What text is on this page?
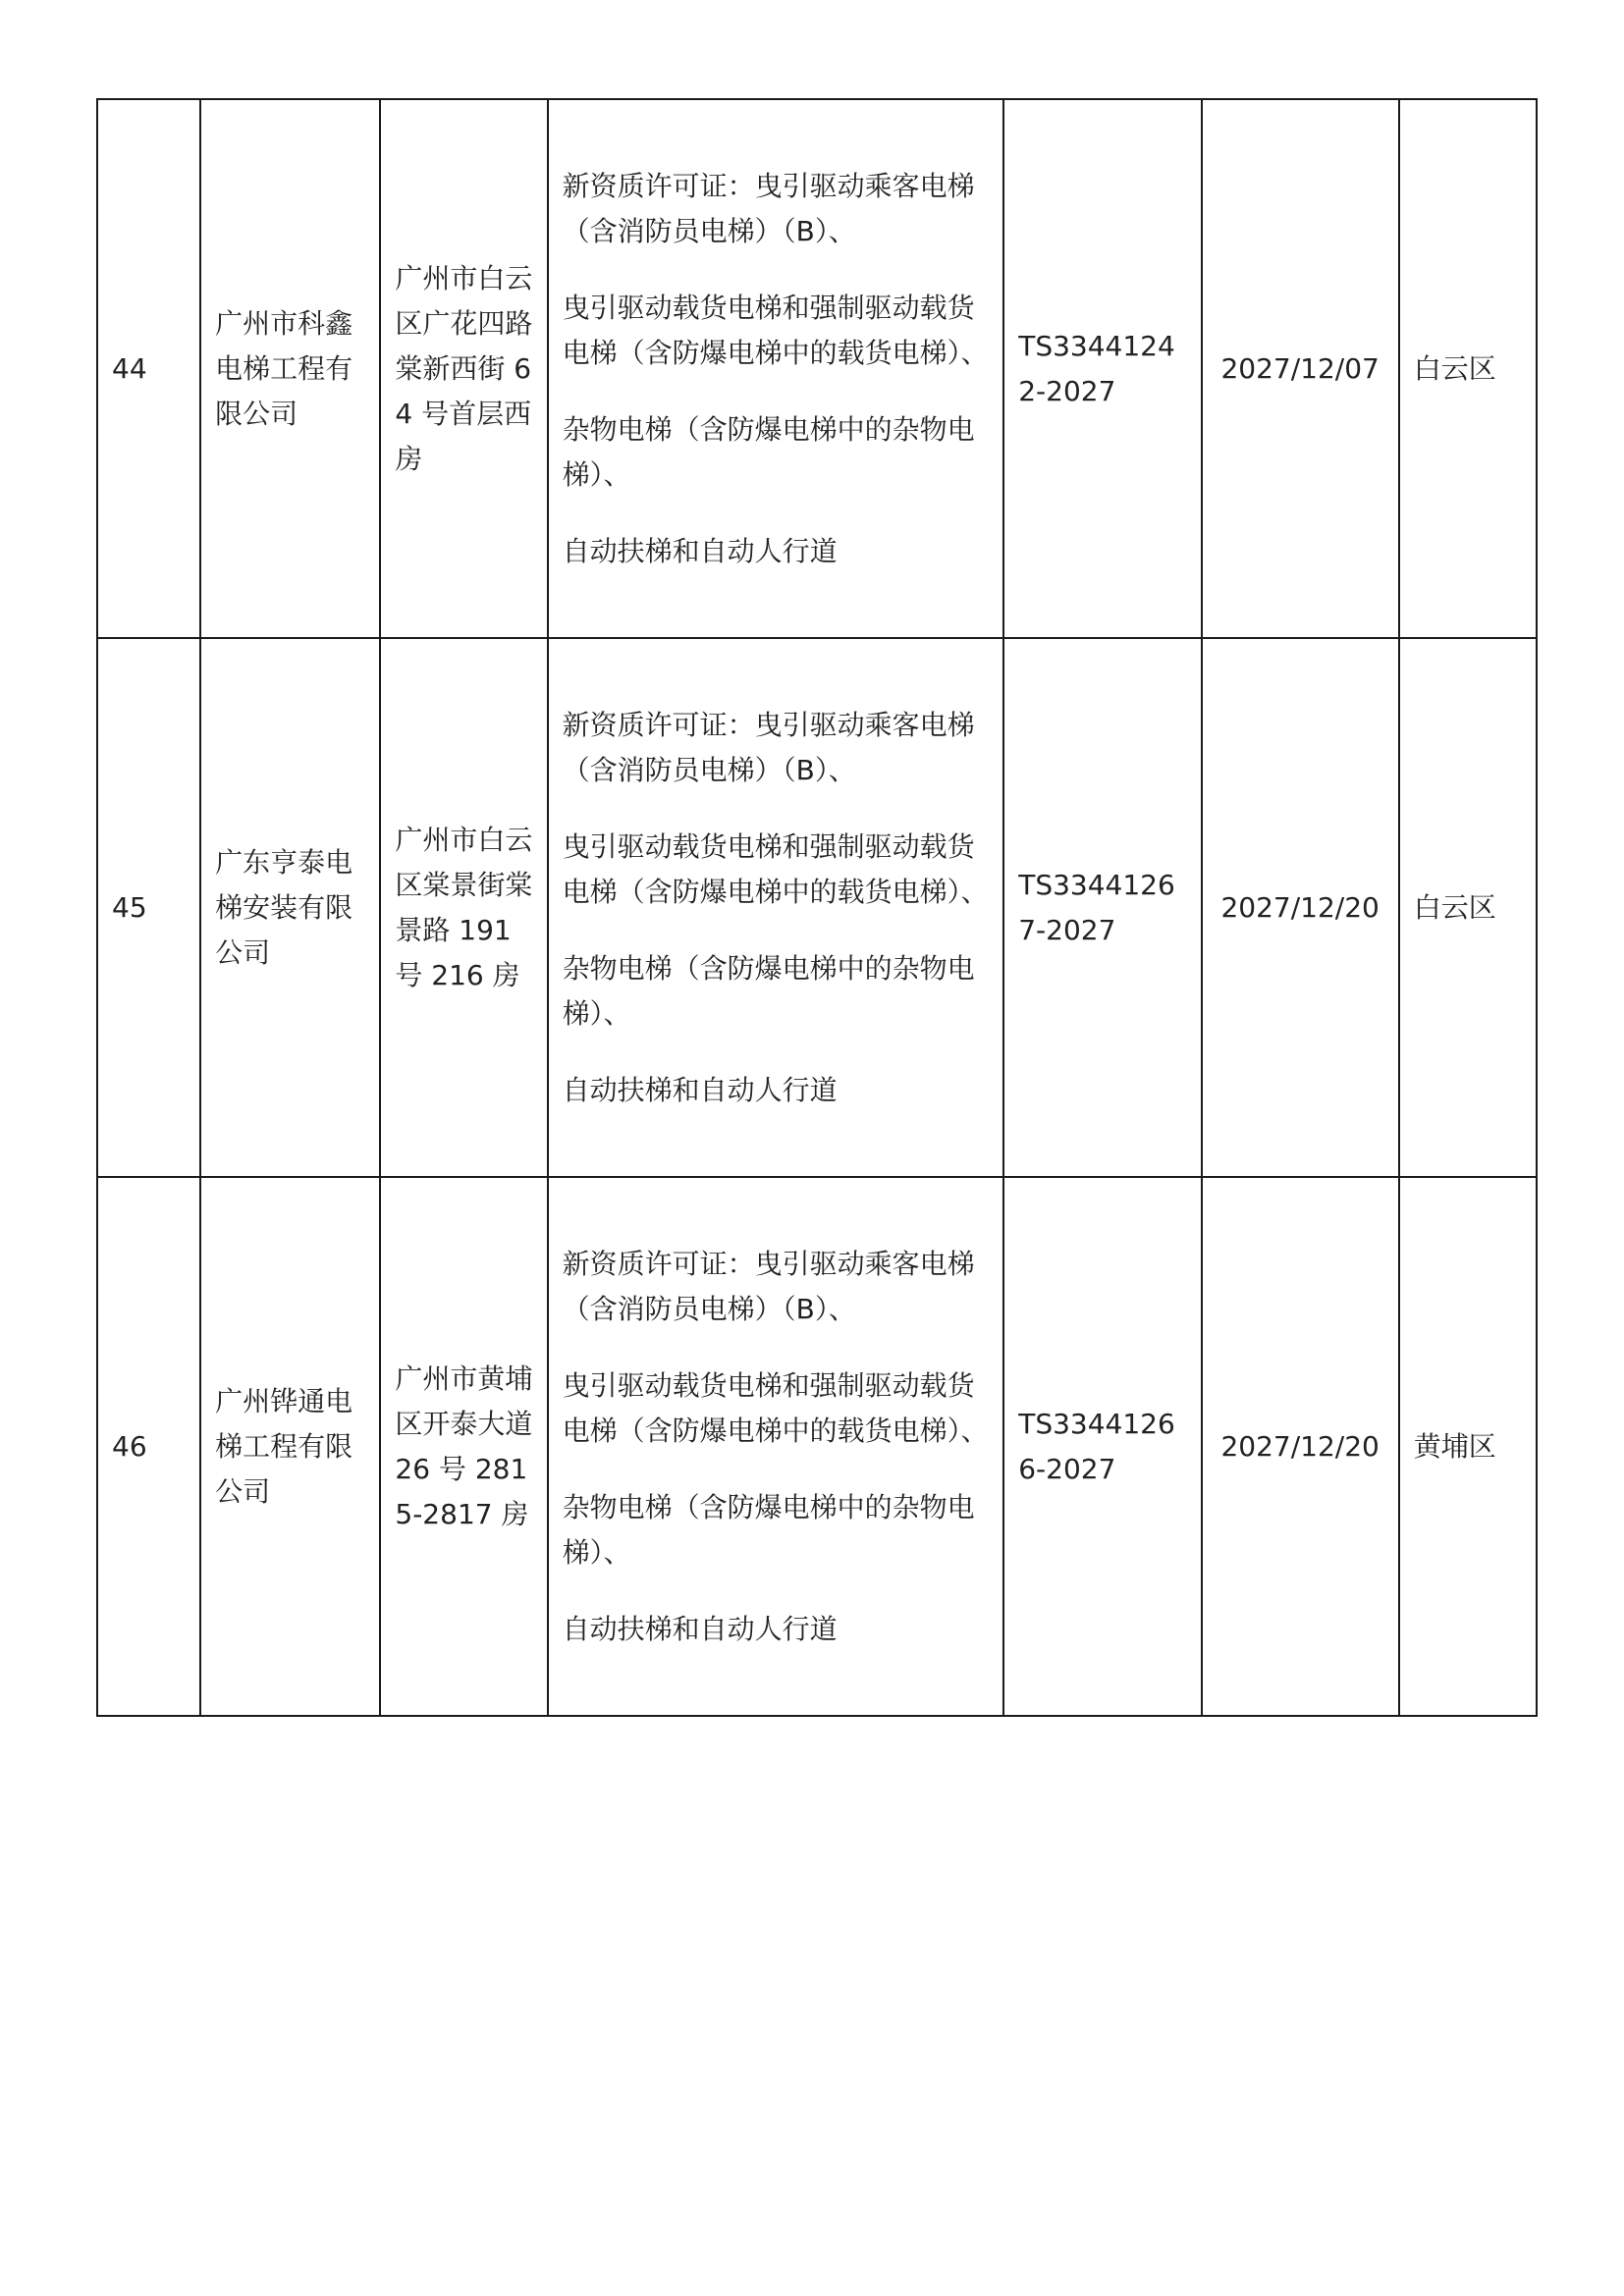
44	广州市科鑫电梯工程有限公司	广州市白云区广花四路棠新西街 64 号首层西房	新资质许可证：曳引驱动乘客电梯（含消防员电梯）（B）、
曳引驱动载货电梯和强制驱动载货电梯（含防爆电梯中的载货电梯）、
杂物电梯（含防爆电梯中的杂物电梯）、
自动扶梯和自动人行道	TS33441242-2027	2027/12/07	白云区
45	广东亨泰电梯安装有限公司	广州市白云区棠景街棠景路 191 号 216 房	新资质许可证：曳引驱动乘客电梯（含消防员电梯）（B）、
曳引驱动载货电梯和强制驱动载货电梯（含防爆电梯中的载货电梯）、
杂物电梯（含防爆电梯中的杂物电梯）、
自动扶梯和自动人行道	TS33441267-2027	2027/12/20	白云区
46	广州铧通电梯工程有限公司	广州市黄埔区开泰大道 26 号 2815-2817 房	新资质许可证：曳引驱动乘客电梯（含消防员电梯）（B）、
曳引驱动载货电梯和强制驱动载货电梯（含防爆电梯中的载货电梯）、
杂物电梯（含防爆电梯中的杂物电梯）、
自动扶梯和自动人行道	TS33441266-2027	2027/12/20	黄埔区
